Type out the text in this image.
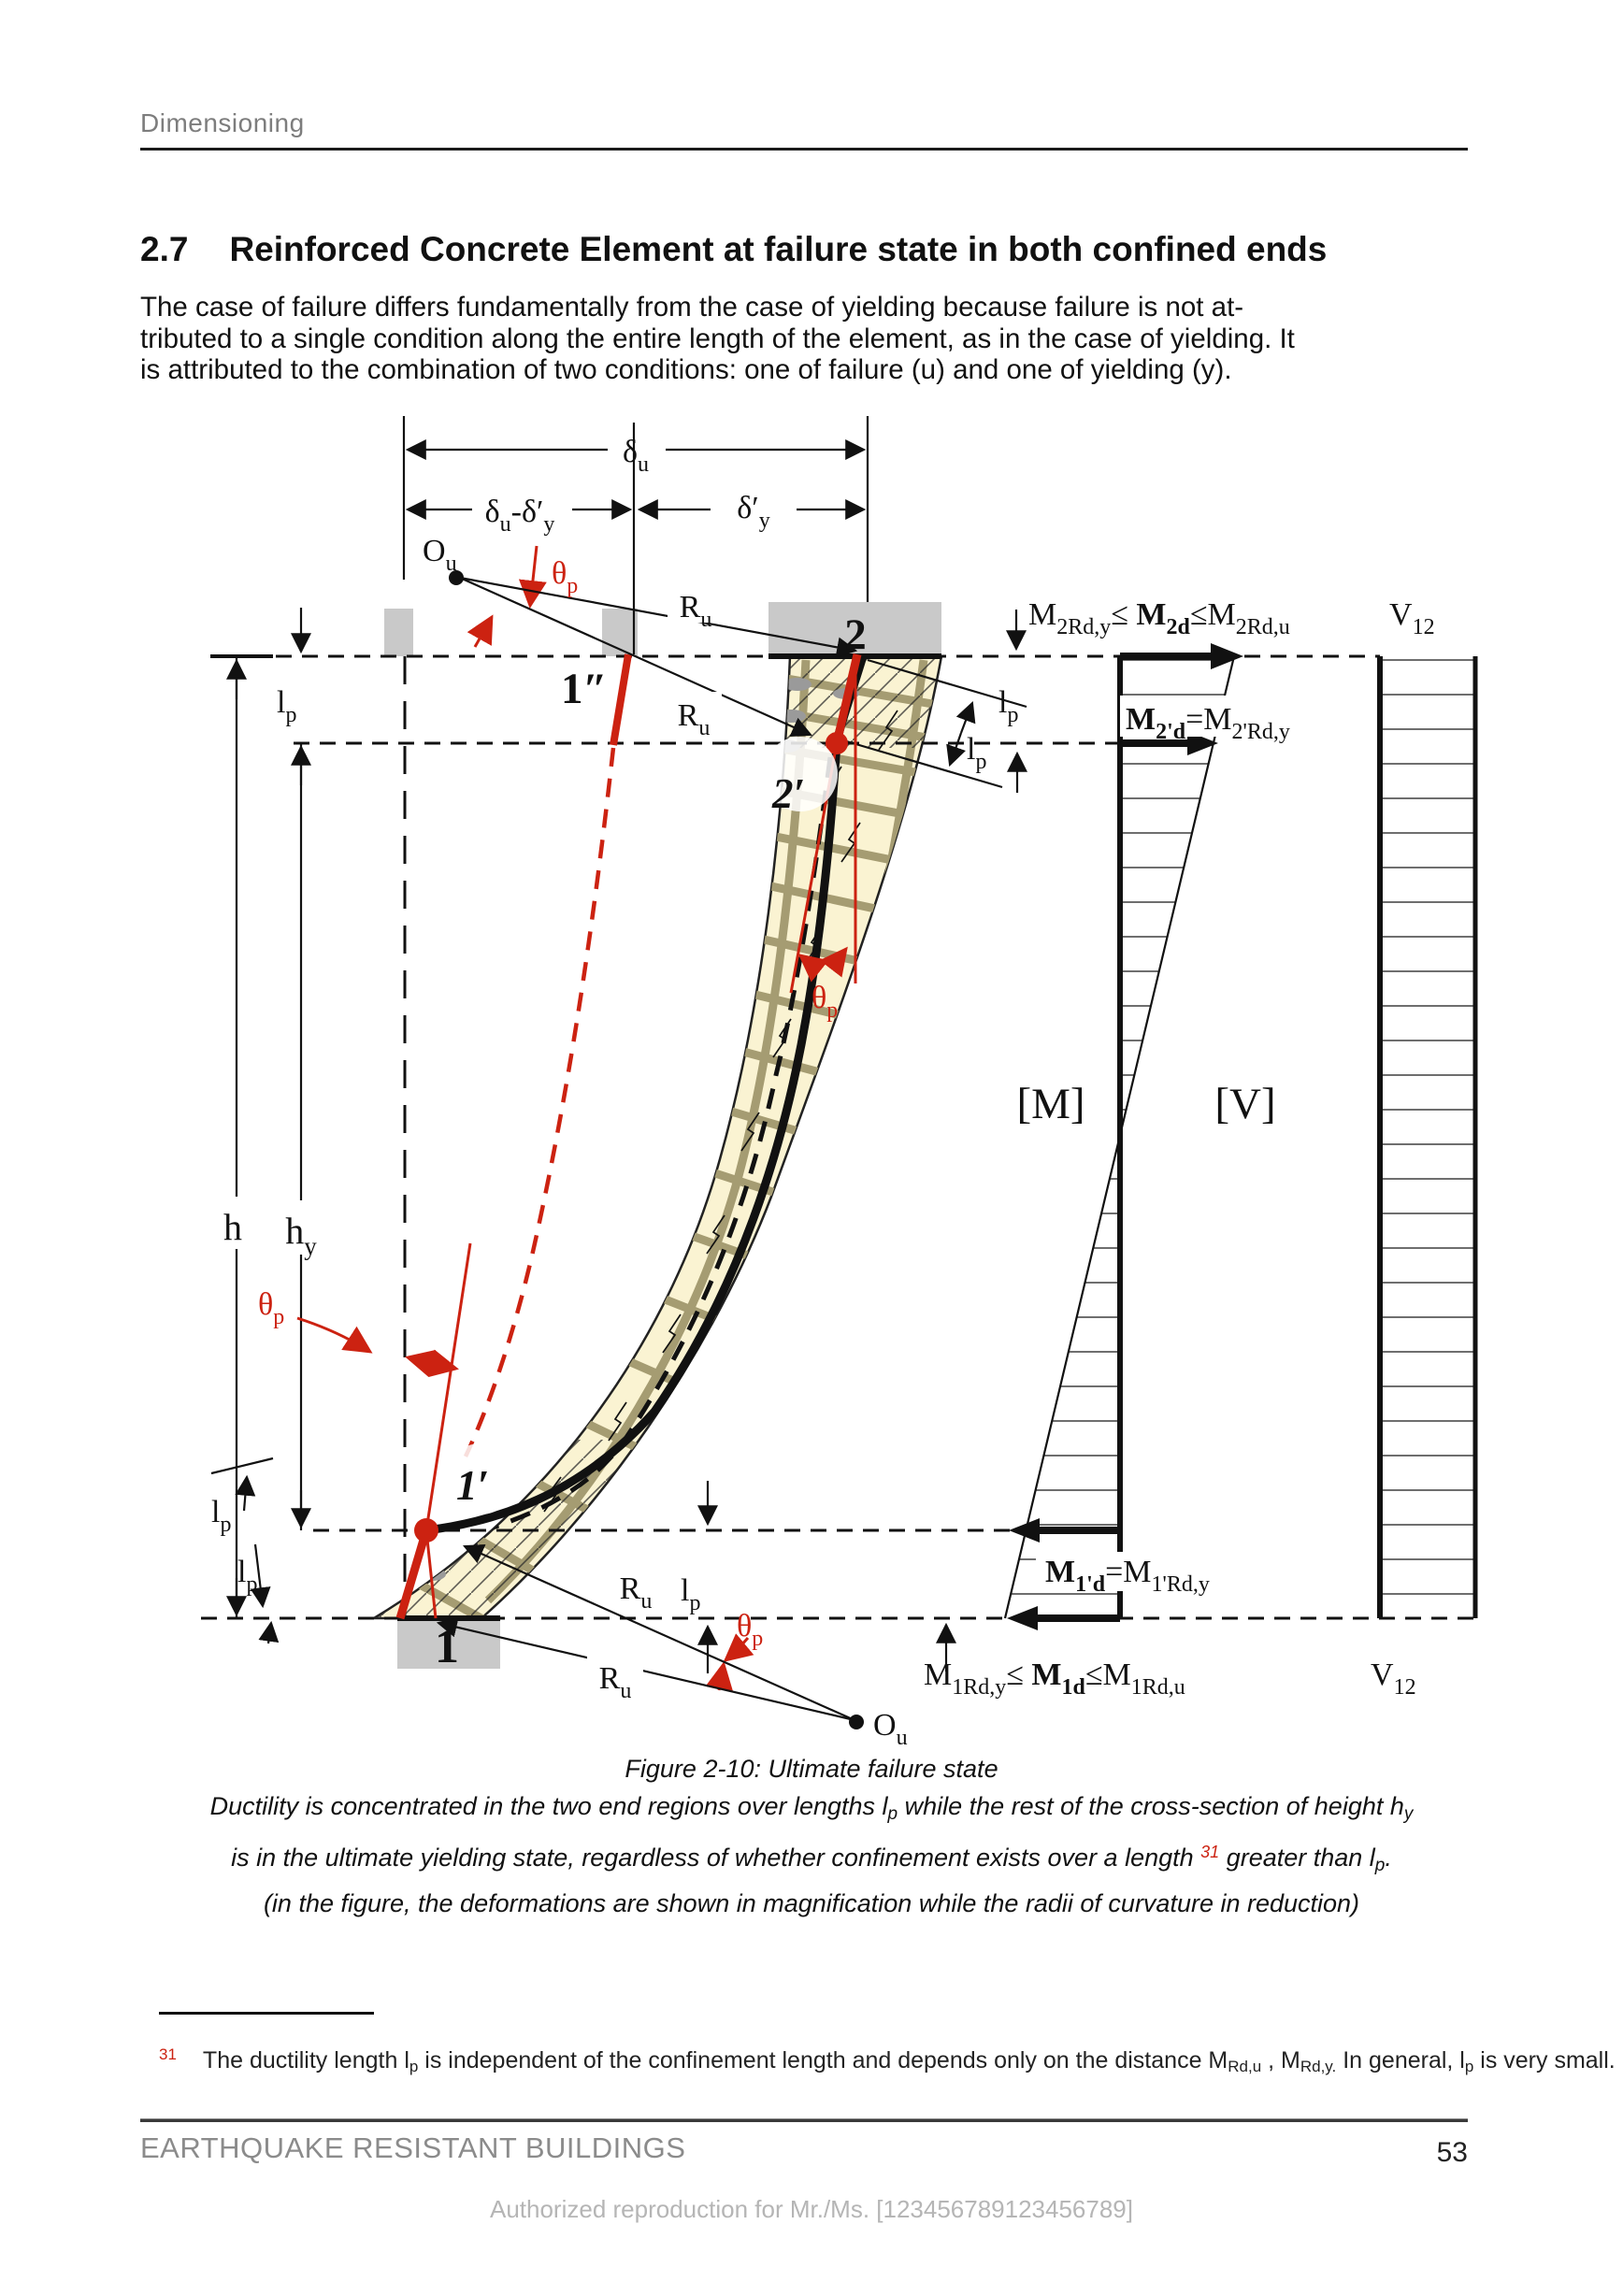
Dimensioning
2.7 Reinforced Concrete Element at failure state in both confined ends
The case of failure differs fundamentally from the case of yielding because failure is not at-
tributed to a single condition along the entire length of the element, as in the case of yielding. It
is attributed to the combination of two conditions: one of failure (u) and one of yielding (y).
$\delta_u$
$\delta_u-\delta'_y$	$\delta'_y$
$M_{2Rd,y}\le M_{2d}\le M_{2Rd,u}$
$M_{2'd}=M_{2'Rd,y}$
$M_{1'd}=M_{1'Rd,y}$
$M_{1Rd,y}\le M_{1d}\le M_{1Rd,u}$
[M]
$V_{12}$
$V_{12}$
[V]
h $h_y$
$l_p$	$l_p$
$l_p$
$l_p$
$l_p$	$l_p$
$R_u$
$R_u$
$R_u$
$R_u$
$O_u$
$O_u$
$\theta_p$
$\theta_p$
$\theta_p$
$\theta_p$
2
1
1″
2′
1′
Figure 2-10: Ultimate failure state
Ductility is concentrated in the two end regions over lengths lp while the rest of the cross-section of height hy
is in the ultimate yielding state, regardless of whether confinement exists over a length $^{31}$ greater than lp.
(in the figure, the deformations are shown in magnification while the radii of curvature in reduction)
$^{31}$ The ductility length lp is independent of the confinement length and depends only on the distance MRd,u , MRd,y. In general, lp is very small.
EARTHQUAKE RESISTANT BUILDINGS	53
Authorized reproduction for Mr./Ms. [123456789123456789]
